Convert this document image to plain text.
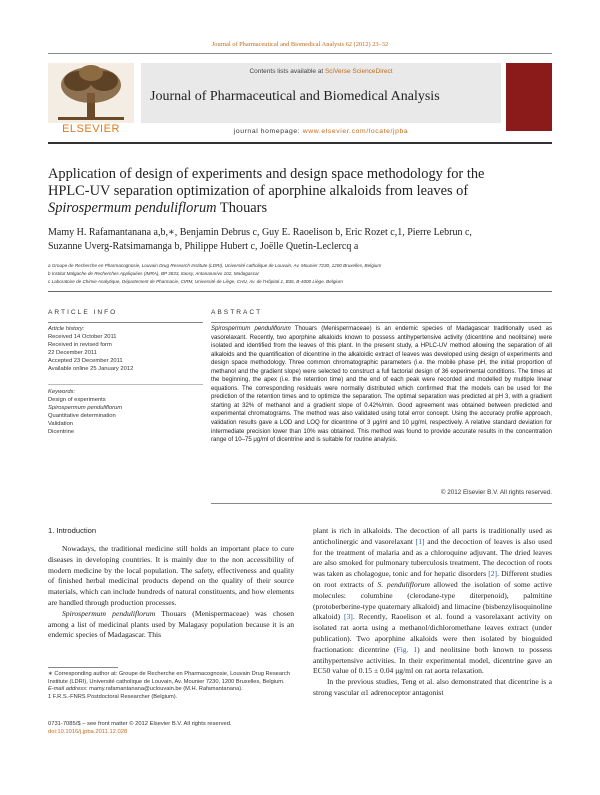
Journal of Pharmaceutical and Biomedical Analysis 62 (2012) 23–32
ELSEVIER
Contents lists available at SciVerse ScienceDirect
Journal of Pharmaceutical and Biomedical Analysis
journal homepage: www.elsevier.com/locate/jpba
Application of design of experiments and design space methodology for the
HPLC-UV separation optimization of aporphine alkaloids from leaves of
Spirospermum penduliflorum Thouars
Mamy H. Rafamantanana a,b,∗, Benjamin Debrus c, Guy E. Raoelison b, Eric Rozet c,1, Pierre Lebrun c,
Suzanne Uverg-Ratsimamanga b, Philippe Hubert c, Joëlle Quetin-Leclercq a
a Groupe de Recherche en Pharmacognosie, Louvain Drug Research Institute (LDRI), Université catholique de Louvain, Av. Mounier 7230, 1200 Bruxelles, Belgium
b Institut Malgache de Recherches Appliquées (IMRA), BP 3833, Itaosy, Antananarivo 102, Madagascar
c Laboratoire de Chimie Analytique, Département de Pharmacie, CIRM, Université de Liège, CHU, Av. de l'Hôpital 1, B36, B-4000 Liège, Belgium
ARTICLE INFO	ABSTRACT
Article history:
Received 14 October 2011
Received in revised form
22 December 2011
Accepted 23 December 2011
Available online 25 January 2012
Keywords:
Design of experiments
Spirospermum penduliflorum
Quantitative determination
Validation
Dicentrine
Spirospermum penduliflorum Thouars (Menispermaceae) is an endemic species of Madagascar traditionally used as vasorelaxant. Recently, two aporphine alkaloids known to possess antihypertensive activity (dicentrine and neolitsine) were isolated and identified from the leaves of this plant. In the present study, a HPLC-UV method allowing the separation of all alkaloids and the quantification of dicentrine in the alkaloidic extract of leaves was developed using design of experiments and design space methodology. Three common chromatographic parameters (i.e. the mobile phase pH, the initial proportion of methanol and the gradient slope) were selected to construct a full factorial design of 36 experimental conditions. The times at the beginning, the apex (i.e. the retention time) and the end of each peak were recorded and modelled by multiple linear equations. The corresponding residuals were normally distributed which confirmed that the models can be used for the prediction of the retention times and to optimize the separation. The optimal separation was predicted at pH 3, with a gradient starting at 32% of methanol and a gradient slope of 0.42%/min. Good agreement was obtained between predicted and experimental chromatograms. The method was also validated using total error concept. Using the accuracy profile approach, validation results gave a LOD and LOQ for dicentrine of 3 μg/ml and 10 μg/ml, respectively. A relative standard deviation for intermediate precision lower than 10% was obtained. This method was found to provide accurate results in the concentration range of 10–75 μg/ml of dicentrine and is suitable for routine analysis.
© 2012 Elsevier B.V. All rights reserved.
1. Introduction

Nowadays, the traditional medicine still holds an important place to cure diseases in developing countries. It is mainly due to the non accessibility of modern medicine by the local population. The safety, effectiveness and quality of finished herbal medicinal products depend on the quality of their source materials, which can include hundreds of natural constituents, and how elements are handled through production processes.

Spirospermum penduliflorum Thouars (Menispermaceae) was chosen among a list of medicinal plants used by Malagasy population because it is an endemic species of Madagascar. This

plant is rich in alkaloids. The decoction of all parts is traditionally used as anticholinergic and vasorelaxant [1] and the decoction of leaves is also used for the treatment of malaria and as a chloroquine adjuvant. The dried leaves are also smoked for pulmonary tuberculosis treatment. The decoction of roots was taken as cholagogue, tonic and for hepatic disorders [2]. Different studies on root extracts of S. penduliflorum allowed the isolation of some active molecules: columbine (clerodane-type diterpenoid), palmitine (protoberberine-type quaternary alkaloid) and limacine (bisbenzylisoquinoline alkaloid) [3]. Recently, Raoelison et al. found a vasorelaxant activity on isolated rat aorta using a methanol/dichloromethane leaves extract (under publication). Two aporphine alkaloids were then isolated by bioguided fractionation: dicentrine (Fig. 1) and neolitsine both known to possess antihypertensive activities. In their experimental model, dicentrine gave an EC50 value of 0.15 ± 0.04 μg/ml on rat aorta relaxation.

In the previous studies, Teng et al. also demonstrated that dicentrine is a strong vascular α1 adrenoceptor antagonist

∗ Corresponding author at: Groupe de Recherche en Pharmacognosie, Louvain Drug Research Institute (LDRI), Université catholique de Louvain, Av. Mounier 7230, 1200 Bruxelles, Belgium.

E-mail address: mamy.rafamantanana@uclouvain.be (M.H. Rafamantanana).

1 F.R.S.-FNRS Postdoctoral Researcher (Belgium).

0731-7085/$ – see front matter © 2012 Elsevier B.V. All rights reserved.
doi:10.1016/j.jpba.2011.12.028
